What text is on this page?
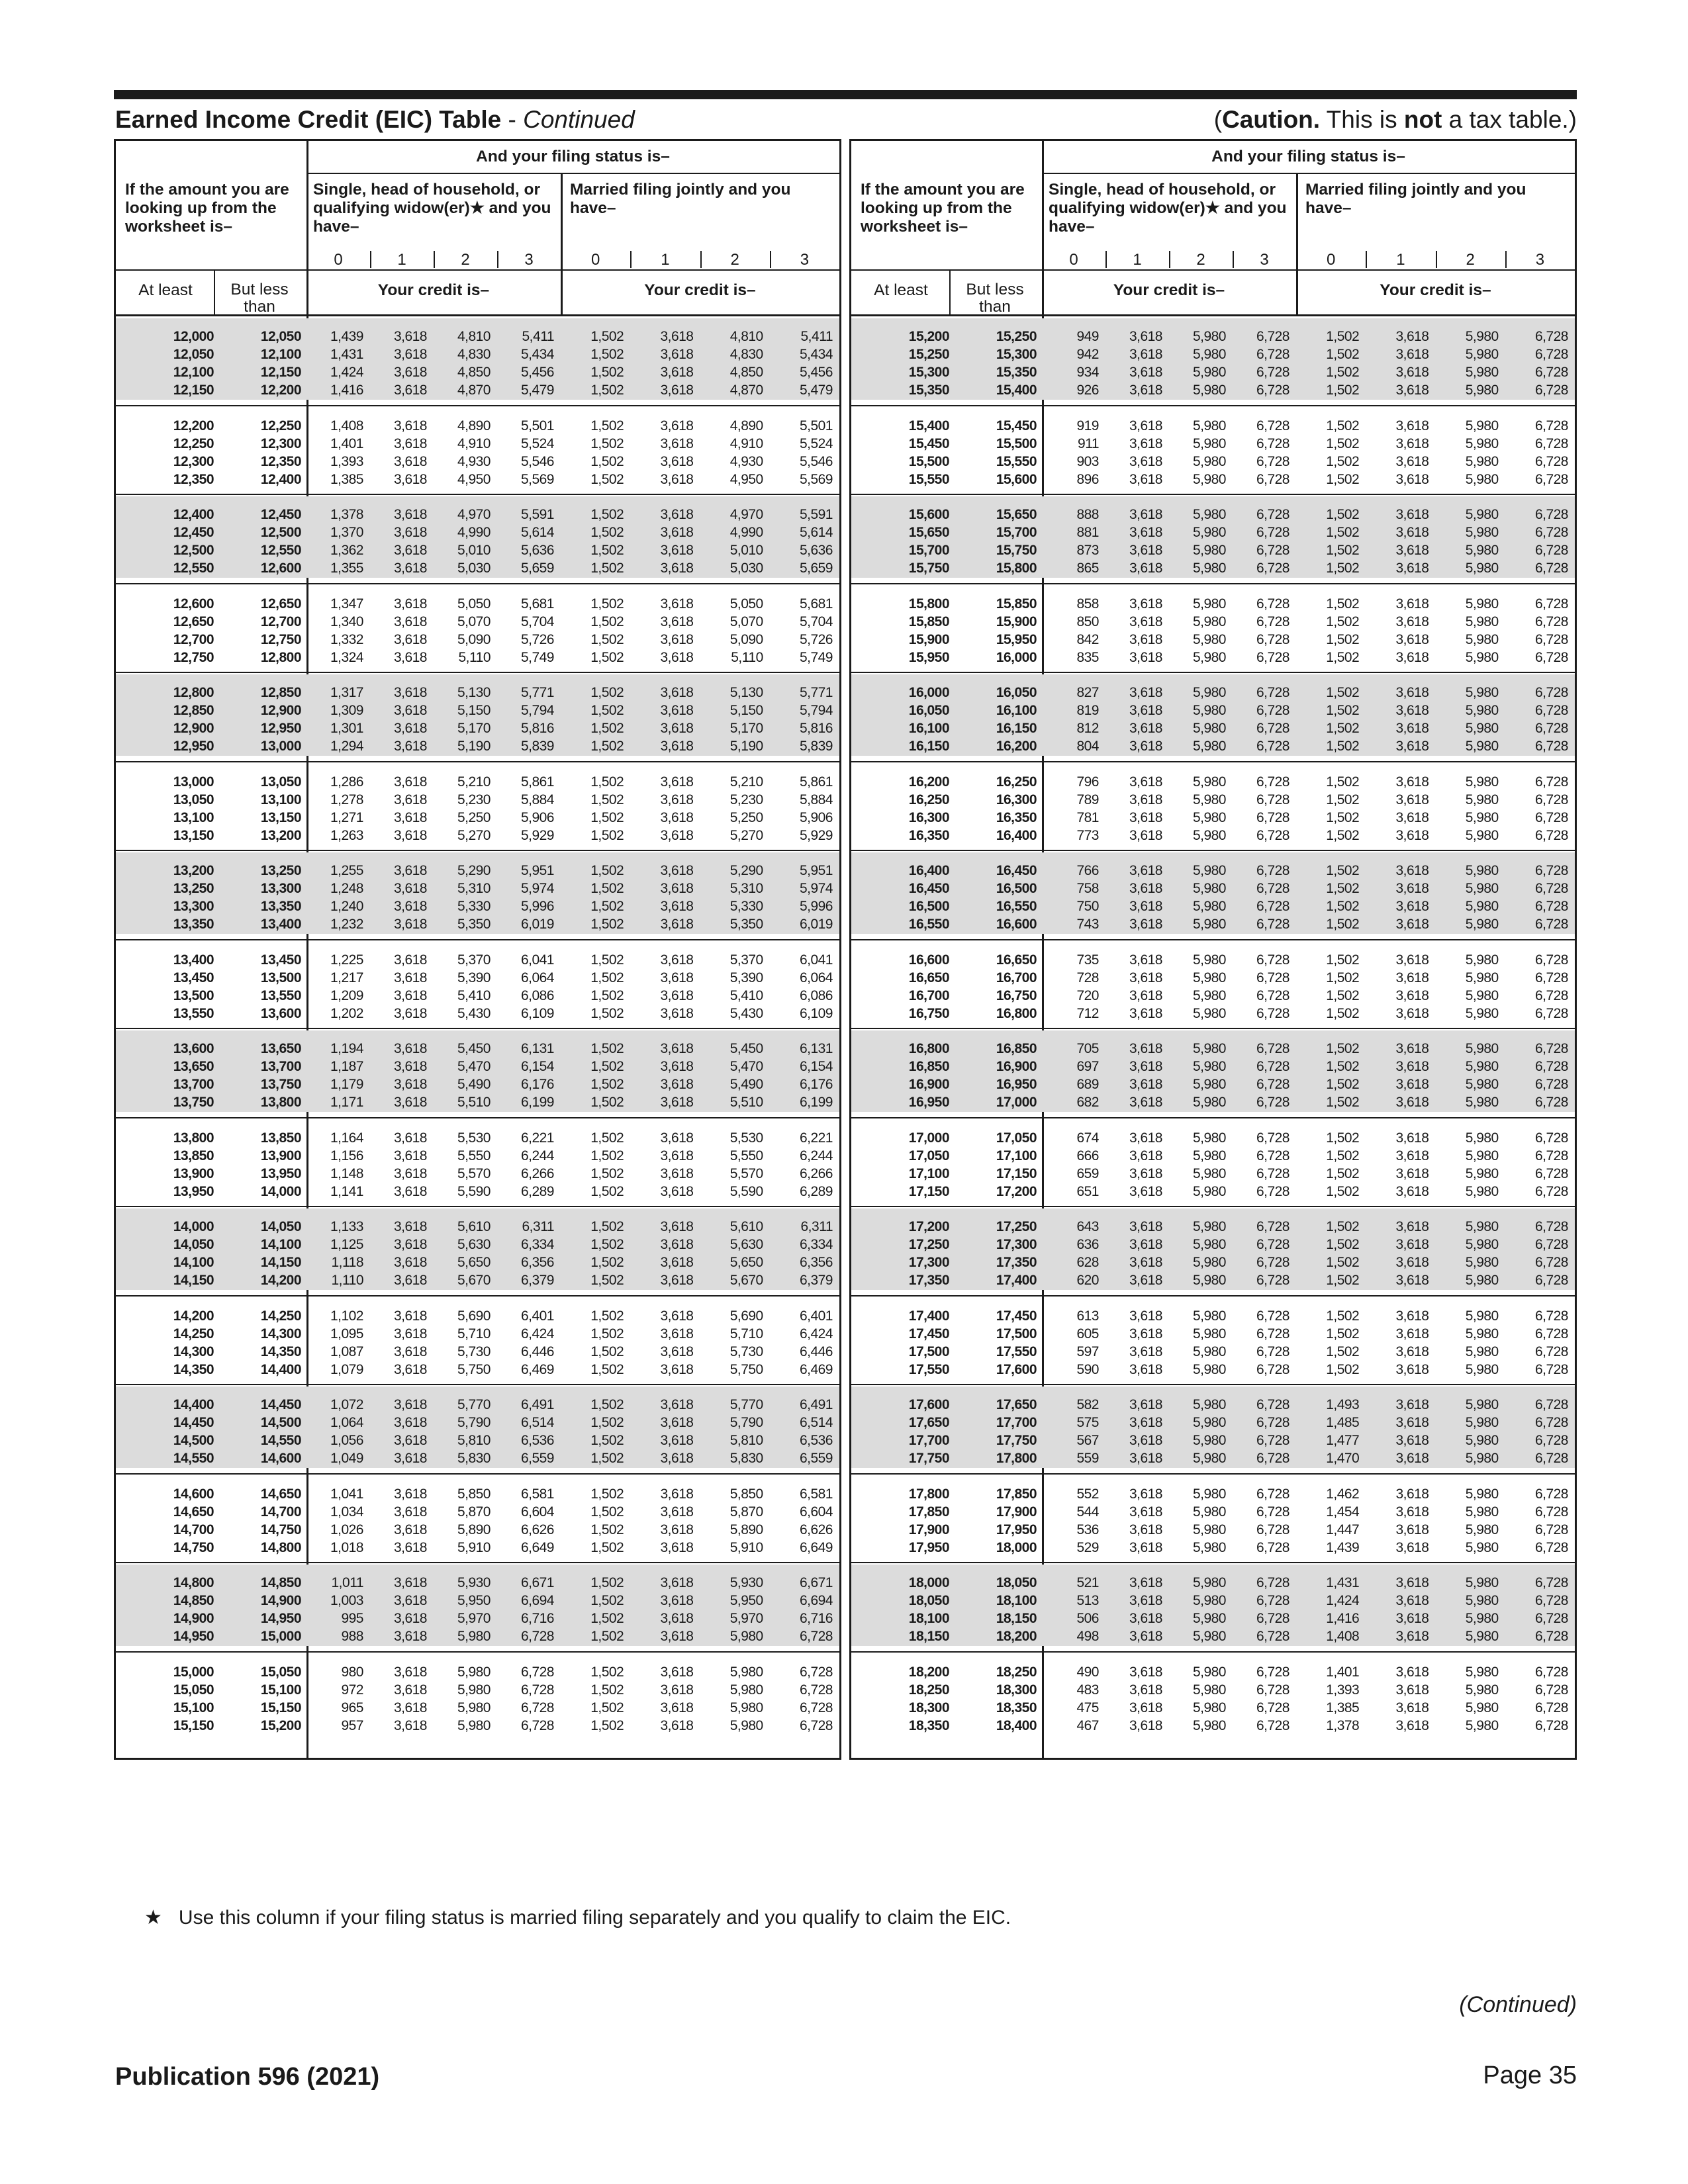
Earned Income Credit (EIC) Table - Continued	(Caution. This is not a tax table.)
And your filing status is–
If the amount you are looking up from the worksheet is–
Single, head of household, or qualifying widow(er)★ and you have–
Married filing jointly and you have–
0	1	2	3	0	1	2	3
At least	But less than
Your credit is–	Your credit is–
12,000	12,050	1,439	3,618	4,810	5,411	1,502	3,618	4,810	5,411
12,050	12,100	1,431	3,618	4,830	5,434	1,502	3,618	4,830	5,434
12,100	12,150	1,424	3,618	4,850	5,456	1,502	3,618	4,850	5,456
12,150	12,200	1,416	3,618	4,870	5,479	1,502	3,618	4,870	5,479
12,200	12,250	1,408	3,618	4,890	5,501	1,502	3,618	4,890	5,501
12,250	12,300	1,401	3,618	4,910	5,524	1,502	3,618	4,910	5,524
12,300	12,350	1,393	3,618	4,930	5,546	1,502	3,618	4,930	5,546
12,350	12,400	1,385	3,618	4,950	5,569	1,502	3,618	4,950	5,569
12,400	12,450	1,378	3,618	4,970	5,591	1,502	3,618	4,970	5,591
12,450	12,500	1,370	3,618	4,990	5,614	1,502	3,618	4,990	5,614
12,500	12,550	1,362	3,618	5,010	5,636	1,502	3,618	5,010	5,636
12,550	12,600	1,355	3,618	5,030	5,659	1,502	3,618	5,030	5,659
12,600	12,650	1,347	3,618	5,050	5,681	1,502	3,618	5,050	5,681
12,650	12,700	1,340	3,618	5,070	5,704	1,502	3,618	5,070	5,704
12,700	12,750	1,332	3,618	5,090	5,726	1,502	3,618	5,090	5,726
12,750	12,800	1,324	3,618	5,110	5,749	1,502	3,618	5,110	5,749
12,800	12,850	1,317	3,618	5,130	5,771	1,502	3,618	5,130	5,771
12,850	12,900	1,309	3,618	5,150	5,794	1,502	3,618	5,150	5,794
12,900	12,950	1,301	3,618	5,170	5,816	1,502	3,618	5,170	5,816
12,950	13,000	1,294	3,618	5,190	5,839	1,502	3,618	5,190	5,839
13,000	13,050	1,286	3,618	5,210	5,861	1,502	3,618	5,210	5,861
13,050	13,100	1,278	3,618	5,230	5,884	1,502	3,618	5,230	5,884
13,100	13,150	1,271	3,618	5,250	5,906	1,502	3,618	5,250	5,906
13,150	13,200	1,263	3,618	5,270	5,929	1,502	3,618	5,270	5,929
13,200	13,250	1,255	3,618	5,290	5,951	1,502	3,618	5,290	5,951
13,250	13,300	1,248	3,618	5,310	5,974	1,502	3,618	5,310	5,974
13,300	13,350	1,240	3,618	5,330	5,996	1,502	3,618	5,330	5,996
13,350	13,400	1,232	3,618	5,350	6,019	1,502	3,618	5,350	6,019
13,400	13,450	1,225	3,618	5,370	6,041	1,502	3,618	5,370	6,041
13,450	13,500	1,217	3,618	5,390	6,064	1,502	3,618	5,390	6,064
13,500	13,550	1,209	3,618	5,410	6,086	1,502	3,618	5,410	6,086
13,550	13,600	1,202	3,618	5,430	6,109	1,502	3,618	5,430	6,109
13,600	13,650	1,194	3,618	5,450	6,131	1,502	3,618	5,450	6,131
13,650	13,700	1,187	3,618	5,470	6,154	1,502	3,618	5,470	6,154
13,700	13,750	1,179	3,618	5,490	6,176	1,502	3,618	5,490	6,176
13,750	13,800	1,171	3,618	5,510	6,199	1,502	3,618	5,510	6,199
13,800	13,850	1,164	3,618	5,530	6,221	1,502	3,618	5,530	6,221
13,850	13,900	1,156	3,618	5,550	6,244	1,502	3,618	5,550	6,244
13,900	13,950	1,148	3,618	5,570	6,266	1,502	3,618	5,570	6,266
13,950	14,000	1,141	3,618	5,590	6,289	1,502	3,618	5,590	6,289
14,000	14,050	1,133	3,618	5,610	6,311	1,502	3,618	5,610	6,311
14,050	14,100	1,125	3,618	5,630	6,334	1,502	3,618	5,630	6,334
14,100	14,150	1,118	3,618	5,650	6,356	1,502	3,618	5,650	6,356
14,150	14,200	1,110	3,618	5,670	6,379	1,502	3,618	5,670	6,379
14,200	14,250	1,102	3,618	5,690	6,401	1,502	3,618	5,690	6,401
14,250	14,300	1,095	3,618	5,710	6,424	1,502	3,618	5,710	6,424
14,300	14,350	1,087	3,618	5,730	6,446	1,502	3,618	5,730	6,446
14,350	14,400	1,079	3,618	5,750	6,469	1,502	3,618	5,750	6,469
14,400	14,450	1,072	3,618	5,770	6,491	1,502	3,618	5,770	6,491
14,450	14,500	1,064	3,618	5,790	6,514	1,502	3,618	5,790	6,514
14,500	14,550	1,056	3,618	5,810	6,536	1,502	3,618	5,810	6,536
14,550	14,600	1,049	3,618	5,830	6,559	1,502	3,618	5,830	6,559
14,600	14,650	1,041	3,618	5,850	6,581	1,502	3,618	5,850	6,581
14,650	14,700	1,034	3,618	5,870	6,604	1,502	3,618	5,870	6,604
14,700	14,750	1,026	3,618	5,890	6,626	1,502	3,618	5,890	6,626
14,750	14,800	1,018	3,618	5,910	6,649	1,502	3,618	5,910	6,649
14,800	14,850	1,011	3,618	5,930	6,671	1,502	3,618	5,930	6,671
14,850	14,900	1,003	3,618	5,950	6,694	1,502	3,618	5,950	6,694
14,900	14,950	995	3,618	5,970	6,716	1,502	3,618	5,970	6,716
14,950	15,000	988	3,618	5,980	6,728	1,502	3,618	5,980	6,728
15,000	15,050	980	3,618	5,980	6,728	1,502	3,618	5,980	6,728
15,050	15,100	972	3,618	5,980	6,728	1,502	3,618	5,980	6,728
15,100	15,150	965	3,618	5,980	6,728	1,502	3,618	5,980	6,728
15,150	15,200	957	3,618	5,980	6,728	1,502	3,618	5,980	6,728
And your filing status is–
If the amount you are looking up from the worksheet is–
Single, head of household, or qualifying widow(er)★ and you have–
Married filing jointly and you have–
0	1	2	3	0	1	2	3
At least	But less than
Your credit is–	Your credit is–
15,200	15,250	949	3,618	5,980	6,728	1,502	3,618	5,980	6,728
15,250	15,300	942	3,618	5,980	6,728	1,502	3,618	5,980	6,728
15,300	15,350	934	3,618	5,980	6,728	1,502	3,618	5,980	6,728
15,350	15,400	926	3,618	5,980	6,728	1,502	3,618	5,980	6,728
15,400	15,450	919	3,618	5,980	6,728	1,502	3,618	5,980	6,728
15,450	15,500	911	3,618	5,980	6,728	1,502	3,618	5,980	6,728
15,500	15,550	903	3,618	5,980	6,728	1,502	3,618	5,980	6,728
15,550	15,600	896	3,618	5,980	6,728	1,502	3,618	5,980	6,728
15,600	15,650	888	3,618	5,980	6,728	1,502	3,618	5,980	6,728
15,650	15,700	881	3,618	5,980	6,728	1,502	3,618	5,980	6,728
15,700	15,750	873	3,618	5,980	6,728	1,502	3,618	5,980	6,728
15,750	15,800	865	3,618	5,980	6,728	1,502	3,618	5,980	6,728
15,800	15,850	858	3,618	5,980	6,728	1,502	3,618	5,980	6,728
15,850	15,900	850	3,618	5,980	6,728	1,502	3,618	5,980	6,728
15,900	15,950	842	3,618	5,980	6,728	1,502	3,618	5,980	6,728
15,950	16,000	835	3,618	5,980	6,728	1,502	3,618	5,980	6,728
16,000	16,050	827	3,618	5,980	6,728	1,502	3,618	5,980	6,728
16,050	16,100	819	3,618	5,980	6,728	1,502	3,618	5,980	6,728
16,100	16,150	812	3,618	5,980	6,728	1,502	3,618	5,980	6,728
16,150	16,200	804	3,618	5,980	6,728	1,502	3,618	5,980	6,728
16,200	16,250	796	3,618	5,980	6,728	1,502	3,618	5,980	6,728
16,250	16,300	789	3,618	5,980	6,728	1,502	3,618	5,980	6,728
16,300	16,350	781	3,618	5,980	6,728	1,502	3,618	5,980	6,728
16,350	16,400	773	3,618	5,980	6,728	1,502	3,618	5,980	6,728
16,400	16,450	766	3,618	5,980	6,728	1,502	3,618	5,980	6,728
16,450	16,500	758	3,618	5,980	6,728	1,502	3,618	5,980	6,728
16,500	16,550	750	3,618	5,980	6,728	1,502	3,618	5,980	6,728
16,550	16,600	743	3,618	5,980	6,728	1,502	3,618	5,980	6,728
16,600	16,650	735	3,618	5,980	6,728	1,502	3,618	5,980	6,728
16,650	16,700	728	3,618	5,980	6,728	1,502	3,618	5,980	6,728
16,700	16,750	720	3,618	5,980	6,728	1,502	3,618	5,980	6,728
16,750	16,800	712	3,618	5,980	6,728	1,502	3,618	5,980	6,728
16,800	16,850	705	3,618	5,980	6,728	1,502	3,618	5,980	6,728
16,850	16,900	697	3,618	5,980	6,728	1,502	3,618	5,980	6,728
16,900	16,950	689	3,618	5,980	6,728	1,502	3,618	5,980	6,728
16,950	17,000	682	3,618	5,980	6,728	1,502	3,618	5,980	6,728
17,000	17,050	674	3,618	5,980	6,728	1,502	3,618	5,980	6,728
17,050	17,100	666	3,618	5,980	6,728	1,502	3,618	5,980	6,728
17,100	17,150	659	3,618	5,980	6,728	1,502	3,618	5,980	6,728
17,150	17,200	651	3,618	5,980	6,728	1,502	3,618	5,980	6,728
17,200	17,250	643	3,618	5,980	6,728	1,502	3,618	5,980	6,728
17,250	17,300	636	3,618	5,980	6,728	1,502	3,618	5,980	6,728
17,300	17,350	628	3,618	5,980	6,728	1,502	3,618	5,980	6,728
17,350	17,400	620	3,618	5,980	6,728	1,502	3,618	5,980	6,728
17,400	17,450	613	3,618	5,980	6,728	1,502	3,618	5,980	6,728
17,450	17,500	605	3,618	5,980	6,728	1,502	3,618	5,980	6,728
17,500	17,550	597	3,618	5,980	6,728	1,502	3,618	5,980	6,728
17,550	17,600	590	3,618	5,980	6,728	1,502	3,618	5,980	6,728
17,600	17,650	582	3,618	5,980	6,728	1,493	3,618	5,980	6,728
17,650	17,700	575	3,618	5,980	6,728	1,485	3,618	5,980	6,728
17,700	17,750	567	3,618	5,980	6,728	1,477	3,618	5,980	6,728
17,750	17,800	559	3,618	5,980	6,728	1,470	3,618	5,980	6,728
17,800	17,850	552	3,618	5,980	6,728	1,462	3,618	5,980	6,728
17,850	17,900	544	3,618	5,980	6,728	1,454	3,618	5,980	6,728
17,900	17,950	536	3,618	5,980	6,728	1,447	3,618	5,980	6,728
17,950	18,000	529	3,618	5,980	6,728	1,439	3,618	5,980	6,728
18,000	18,050	521	3,618	5,980	6,728	1,431	3,618	5,980	6,728
18,050	18,100	513	3,618	5,980	6,728	1,424	3,618	5,980	6,728
18,100	18,150	506	3,618	5,980	6,728	1,416	3,618	5,980	6,728
18,150	18,200	498	3,618	5,980	6,728	1,408	3,618	5,980	6,728
18,200	18,250	490	3,618	5,980	6,728	1,401	3,618	5,980	6,728
18,250	18,300	483	3,618	5,980	6,728	1,393	3,618	5,980	6,728
18,300	18,350	475	3,618	5,980	6,728	1,385	3,618	5,980	6,728
18,350	18,400	467	3,618	5,980	6,728	1,378	3,618	5,980	6,728
★ Use this column if your filing status is married filing separately and you qualify to claim the EIC.
(Continued)
Publication 596 (2021)	Page 35
